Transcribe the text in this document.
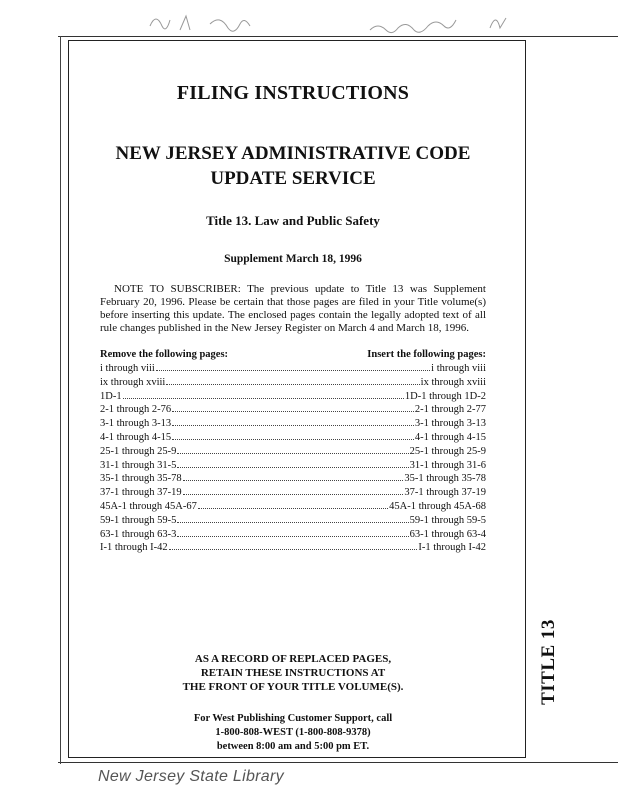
FILING INSTRUCTIONS
NEW JERSEY ADMINISTRATIVE CODE UPDATE SERVICE
Title 13. Law and Public Safety
Supplement March 18, 1996

NOTE TO SUBSCRIBER: The previous update to Title 13 was Supplement February 20, 1996. Please be certain that those pages are filed in your Title volume(s) before inserting this update. The enclosed pages contain the legally adopted text of all rule changes published in the New Jersey Register on March 4 and March 18, 1996.

Remove the following pages:	Insert the following pages:
i through viii	i through viii
ix through xviii	ix through xviii
1D-1	1D-1 through 1D-2
2-1 through 2-76	2-1 through 2-77
3-1 through 3-13	3-1 through 3-13
4-1 through 4-15	4-1 through 4-15
25-1 through 25-9	25-1 through 25-9
31-1 through 31-5	31-1 through 31-6
35-1 through 35-78	35-1 through 35-78
37-1 through 37-19	37-1 through 37-19
45A-1 through 45A-67	45A-1 through 45A-68
59-1 through 59-5	59-1 through 59-5
63-1 through 63-3	63-1 through 63-4
I-1 through I-42	I-1 through I-42
AS A RECORD OF REPLACED PAGES,
RETAIN THESE INSTRUCTIONS AT
THE FRONT OF YOUR TITLE VOLUME(S).
For West Publishing Customer Support, call
1-800-808-WEST (1-800-808-9378)
between 8:00 am and 5:00 pm ET.
TITLE 13
New Jersey State Library
